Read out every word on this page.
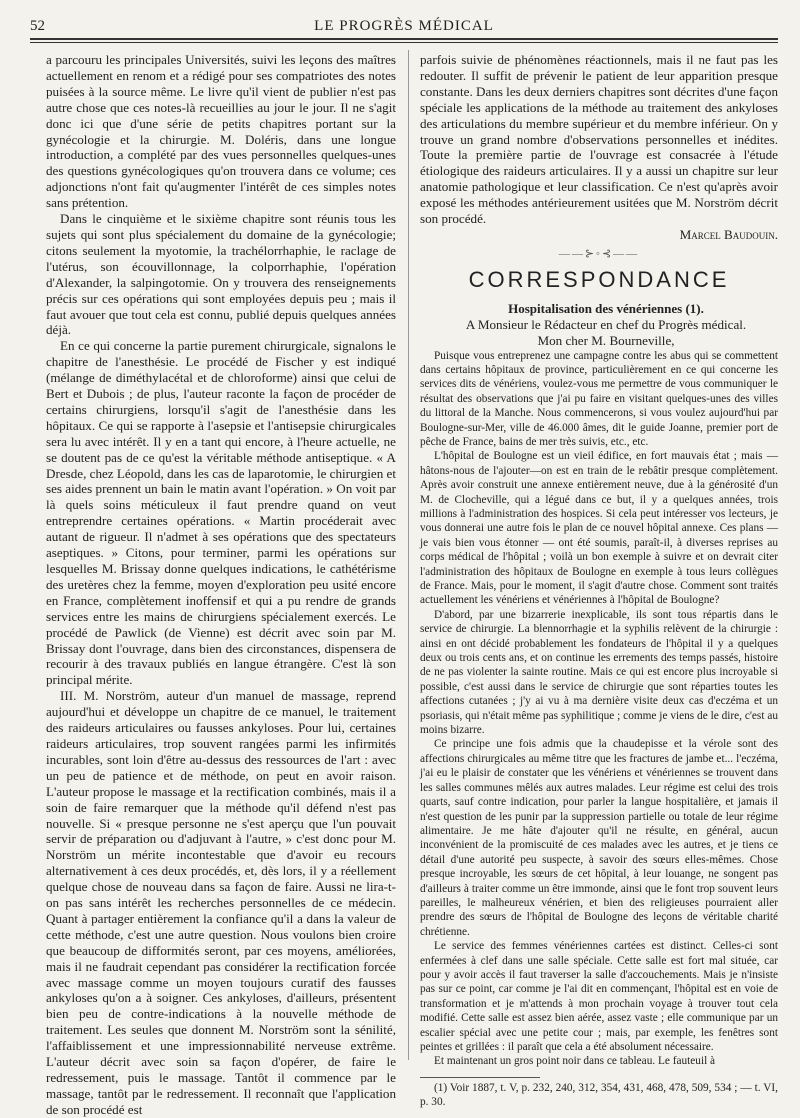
52	LE PROGRÈS MÉDICAL

a parcouru les principales Universités, suivi les leçons des maîtres actuellement en renom et a rédigé pour ses compatriotes des notes puisées à la source même. Le livre qu'il vient de publier n'est pas autre chose que ces notes-là recueillies au jour le jour. Il ne s'agit donc ici que d'une série de petits chapitres portant sur la gynécologie et la chirurgie. M. Doléris, dans une longue introduction, a complété par des vues personnelles quelques-unes des questions gynécologiques qu'on trouvera dans ce volume; ces adjonctions n'ont fait qu'augmenter l'intérêt de ces simples notes sans prétention.

Dans le cinquième et le sixième chapitre sont réunis tous les sujets qui sont plus spécialement du domaine de la gynécologie; citons seulement la myotomie, la trachélorrhaphie, le raclage de l'utérus, son écouvillonnage, la colporrhaphie, l'opération d'Alexander, la salpingotomie. On y trouvera des renseignements précis sur ces opérations qui sont employées depuis peu ; mais il faut avouer que tout cela est connu, publié depuis quelques années déjà.

En ce qui concerne la partie purement chirurgicale, signalons le chapitre de l'anesthésie. Le procédé de Fischer y est indiqué (mélange de diméthylacétal et de chloroforme) ainsi que celui de Bert et Dubois ; de plus, l'auteur raconte la façon de procéder de certains chirurgiens, lorsqu'il s'agit de l'anesthésie dans les hôpitaux. Ce qui se rapporte à l'asepsie et l'antisepsie chirurgicales sera lu avec intérêt. Il y en a tant qui encore, à l'heure actuelle, ne se doutent pas de ce qu'est la véritable méthode antiseptique. « A Dresde, chez Léopold, dans les cas de laparotomie, le chirurgien et ses aides prennent un bain le matin avant l'opération. » On voit par là quels soins méticuleux il faut prendre quand on veut entreprendre certaines opérations. « Martin procéderait avec autant de rigueur. Il n'admet à ses opérations que des spectateurs aseptiques. » Citons, pour terminer, parmi les opérations sur lesquelles M. Brissay donne quelques indications, le cathétérisme des uretères chez la femme, moyen d'exploration peu usité encore en France, complètement inoffensif et qui a pu rendre de grands services entre les mains de chirurgiens spécialement exercés. Le procédé de Pawlick (de Vienne) est décrit avec soin par M. Brissay dont l'ouvrage, dans bien des circonstances, dispensera de recourir à des travaux publiés en langue étrangère. C'est là son principal mérite.

III. M. Norström, auteur d'un manuel de massage, reprend aujourd'hui et développe un chapitre de ce manuel, le traitement des raideurs articulaires ou fausses ankyloses. Pour lui, certaines raideurs articulaires, trop souvent rangées parmi les infirmités incurables, sont loin d'être au-dessus des ressources de l'art : avec un peu de patience et de méthode, on peut en avoir raison. L'auteur propose le massage et la rectification combinés, mais il a soin de faire remarquer que la méthode qu'il défend n'est pas nouvelle. Si « presque personne ne s'est aperçu que l'un pouvait servir de préparation ou d'adjuvant à l'autre, » c'est donc pour M. Norström un mérite incontestable que d'avoir eu recours alternativement à ces deux procédés, et, dès lors, il y a réellement quelque chose de nouveau dans sa façon de faire. Aussi ne lira-t-on pas sans intérêt les recherches personnelles de ce médecin. Quant à partager entièrement la confiance qu'il a dans la valeur de cette méthode, c'est une autre question. Nous voulons bien croire que beaucoup de difformités seront, par ces moyens, améliorées, mais il ne faudrait cependant pas considérer la rectification forcée avec massage comme un moyen toujours curatif des fausses ankyloses qu'on a à soigner. Ces ankyloses, d'ailleurs, présentent bien peu de contre-indications à la nouvelle méthode de traitement. Les seules que donnent M. Norström sont la sénilité, l'affaiblissement et une impressionnabilité nerveuse extrême. L'auteur décrit avec soin sa façon d'opérer, de faire le redressement, puis le massage. Tantôt il commence par le massage, tantôt par le redressement. Il reconnaît que l'application de son procédé est

parfois suivie de phénomènes réactionnels, mais il ne faut pas les redouter. Il suffit de prévenir le patient de leur apparition presque constante. Dans les deux derniers chapitres sont décrites d'une façon spéciale les applications de la méthode au traitement des ankyloses des articulations du membre supérieur et du membre inférieur. On y trouve un grand nombre d'observations personnelles et inédites. Toute la première partie de l'ouvrage est consacrée à l'étude étiologique des raideurs articulaires. Il y a aussi un chapitre sur leur anatomie pathologique et leur classification. Ce n'est qu'après avoir exposé les méthodes antérieurement usitées que M. Norström décrit son procédé.

Marcel Baudouin.

——⊱◦⊰——
CORRESPONDANCE

Hospitalisation des vénériennes (1).

A Monsieur le Rédacteur en chef du Progrès médical.

Mon cher M. Bourneville,

Puisque vous entreprenez une campagne contre les abus qui se commettent dans certains hôpitaux de province, particulièrement en ce qui concerne les services dits de vénériens, voulez-vous me permettre de vous communiquer le résultat des observations que j'ai pu faire en visitant quelques-unes des villes du littoral de la Manche. Nous commencerons, si vous voulez aujourd'hui par Boulogne-sur-Mer, ville de 46.000 âmes, dit le guide Joanne, premier port de pêche de France, bains de mer très suivis, etc., etc.

L'hôpital de Boulogne est un vieil édifice, en fort mauvais état ; mais —hâtons-nous de l'ajouter—on est en train de le rebâtir presque complètement. Après avoir construit une annexe entièrement neuve, due à la générosité d'un M. de Clocheville, qui a légué dans ce but, il y a quelques années, trois millions à l'administration des hospices. Si cela peut intéresser vos lecteurs, je vous donnerai une autre fois le plan de ce nouvel hôpital annexe. Ces plans — je vais bien vous étonner — ont été soumis, paraît-il, à diverses reprises au corps médical de l'hôpital ; voilà un bon exemple à suivre et on devrait citer l'administration des hôpitaux de Boulogne en exemple à tous leurs collègues de France. Mais, pour le moment, il s'agit d'autre chose. Comment sont traités actuellement les vénériens et vénériennes à l'hôpital de Boulogne?

D'abord, par une bizarrerie inexplicable, ils sont tous répartis dans le service de chirurgie. La blennorrhagie et la syphilis relèvent de la chirurgie : ainsi en ont décidé probablement les fondateurs de l'hôpital il y a quelques deux ou trois cents ans, et on continue les errements des temps passés, histoire de ne pas violenter la sainte routine. Mais ce qui est encore plus incroyable si possible, c'est aussi dans le service de chirurgie que sont réparties toutes les affections cutanées ; j'y ai vu à ma dernière visite deux cas d'eczéma et un psoriasis, qui n'était même pas syphilitique ; comme je viens de le dire, c'est au moins bizarre.

Ce principe une fois admis que la chaudepisse et la vérole sont des affections chirurgicales au même titre que les fractures de jambe et... l'eczéma, j'ai eu le plaisir de constater que les vénériens et vénériennes se trouvent dans les salles communes mêlés aux autres malades. Leur régime est celui des trois quarts, sauf contre indication, pour parler la langue hospitalière, et jamais il n'est question de les punir par la suppression partielle ou totale de leur régime alimentaire. Je me hâte d'ajouter qu'il ne résulte, en général, aucun inconvénient de la promiscuité de ces malades avec les autres, et je tiens ce détail d'une autorité peu suspecte, à savoir des sœurs elles-mêmes. Chose presque incroyable, les sœurs de cet hôpital, à leur louange, ne songent pas d'ailleurs à traiter comme un être immonde, ainsi que le font trop souvent leurs pareilles, le malheureux vénérien, et bien des religieuses pourraient aller prendre des sœurs de l'hôpital de Boulogne des leçons de véritable charité chrétienne.

Le service des femmes vénériennes cartées est distinct. Celles-ci sont enfermées à clef dans une salle spéciale. Cette salle est fort mal située, car pour y avoir accès il faut traverser la salle d'accouchements. Mais je n'insiste pas sur ce point, car comme je l'ai dit en commençant, l'hôpital est en voie de transformation et je m'attends à mon prochain voyage à trouver tout cela modifié. Cette salle est assez bien aérée, assez vaste ; elle communique par un escalier spécial avec une petite cour ; mais, par exemple, les fenêtres sont peintes et grillées : il paraît que cela a été absolument nécessaire.

Et maintenant un gros point noir dans ce tableau. Le fauteuil à

(1) Voir 1887, t. V, p. 232, 240, 312, 354, 431, 468, 478, 509, 534 ; — t. VI, p. 30.
